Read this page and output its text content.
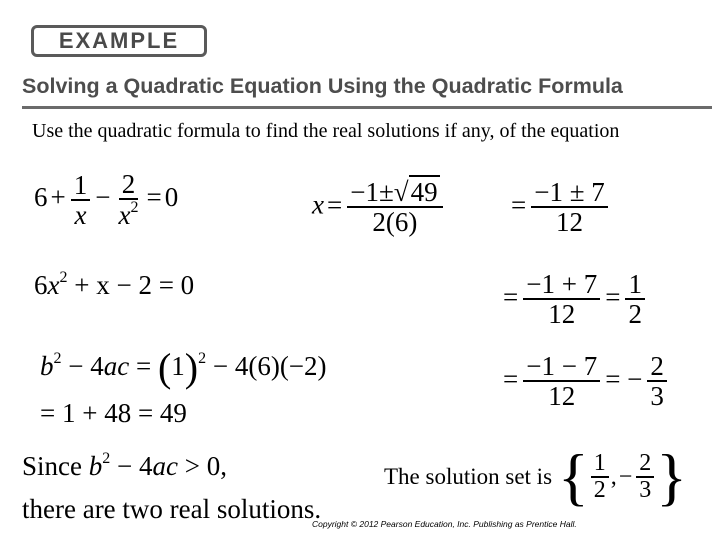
EXAMPLE
Solving a Quadratic Equation Using the Quadratic Formula
Use the quadratic formula to find the real solutions if any, of the equation
$6 + \frac{1}{x} - \frac{2}{x^2} = 0$
$6x^2 + x - 2 = 0$
$b^2 - 4ac = (1)^2 - 4(6)(-2)$
= 1 + 48 = 49
Since $b^2 - 4ac > 0$,
there are two real solutions.
$x = \frac{-1\pm√49}{2(6)}$	= $\frac{-1 \pm 7}{12}$
= $\frac{-1 + 7}{12} = \frac{1}{2}$
= $\frac{-1 - 7}{12}$ = − $\frac{2}{3}$
The solution set is { $\frac{1}{2}$ , − $\frac{2}{3}$ }
Copyright © 2012 Pearson Education, Inc. Publishing as Prentice Hall.
